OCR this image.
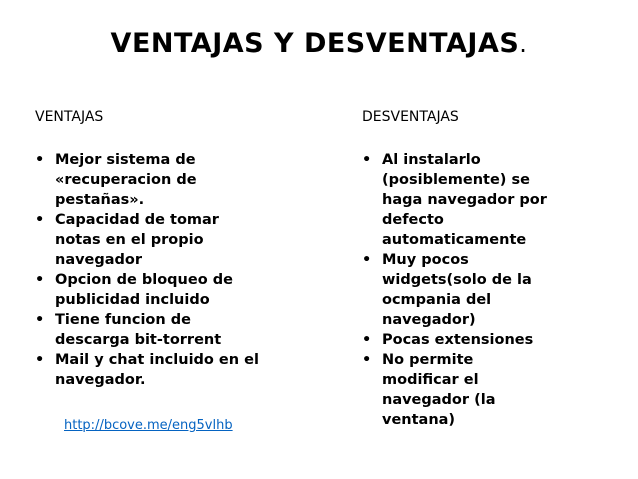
VENTAJAS Y DESVENTAJAS.
VENTAJAS
• Mejor sistema de «recuperacion de pestañas».
• Capacidad de tomar notas en el propio navegador
• Opcion de bloqueo de publicidad incluido
• Tiene funcion de descarga bit-torrent
• Mail y chat incluido en el navegador.
http://bcove.me/eng5vlhb
DESVENTAJAS
• Al instalarlo (posiblemente) se haga navegador por defecto automaticamente
• Muy pocos widgets(solo de la ocmpania del navegador)
• Pocas extensiones
• No permite modificar el navegador (la ventana)
